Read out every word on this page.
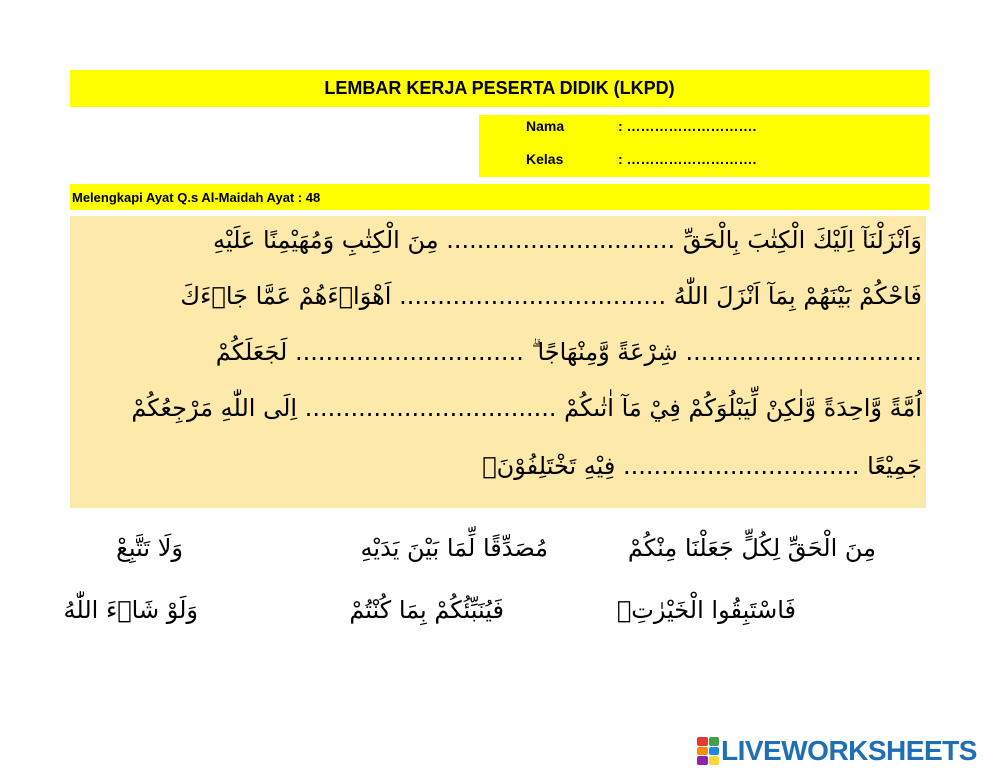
LEMBAR KERJA PESERTA DIDIK (LKPD)
Nama	: ……………………….
Kelas	: ……………………….
Melengkapi Ayat Q.s Al-Maidah Ayat : 48
وَاَنْزَلْنَآ اِلَيْكَ الْكِتٰبَ بِالْحَقِّ .............................. مِنَ الْكِتٰبِ وَمُهَيْمِنًا عَلَيْهِ
فَاحْكُمْ بَيْنَهُمْ بِمَآ اَنْزَلَ اللّٰهُ ................................... اَهْوَاۤءَهُمْ عَمَّا جَاۤءَكَ
............................... شِرْعَةً وَّمِنْهَاجًا ۗ .............................. لَجَعَلَكُمْ
اُمَّةً وَّاحِدَةً وَّلٰكِنْ لِّيَبْلُوَكُمْ فِيْ مَآ اٰتٰىكُمْ ................................. اِلَى اللّٰهِ مَرْجِعُكُمْ
جَمِيْعًا ............................... فِيْهِ تَخْتَلِفُوْنَۙ
مِنَ الْحَقِّ لِكُلٍّ جَعَلْنَا مِنْكُمْ
مُصَدِّقًا لِّمَا بَيْنَ يَدَيْهِ
وَلَا تَتَّبِعْ
فَاسْتَبِقُوا الْخَيْرٰتِۗ
فَيُنَبِّئُكُمْ بِمَا كُنْتُمْ
وَلَوْ شَاۤءَ اللّٰهُ
LIVEWORKSHEETS
